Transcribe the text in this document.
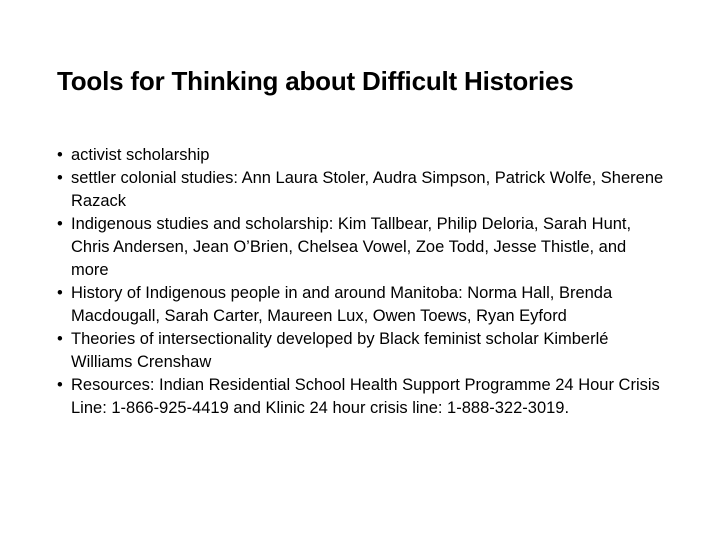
Tools for Thinking about Difficult Histories
• activist scholarship
• settler colonial studies: Ann Laura Stoler, Audra Simpson, Patrick Wolfe, Sherene Razack
• Indigenous studies and scholarship: Kim Tallbear, Philip Deloria, Sarah Hunt, Chris Andersen, Jean O’Brien, Chelsea Vowel, Zoe Todd, Jesse Thistle, and more
• History of Indigenous people in and around Manitoba: Norma Hall, Brenda Macdougall, Sarah Carter, Maureen Lux, Owen Toews, Ryan Eyford
• Theories of intersectionality developed by Black feminist scholar Kimberlé Williams Crenshaw
• Resources: Indian Residential School Health Support Programme 24 Hour Crisis Line: 1-866-925-4419 and Klinic 24 hour crisis line: 1-888-322-3019.
